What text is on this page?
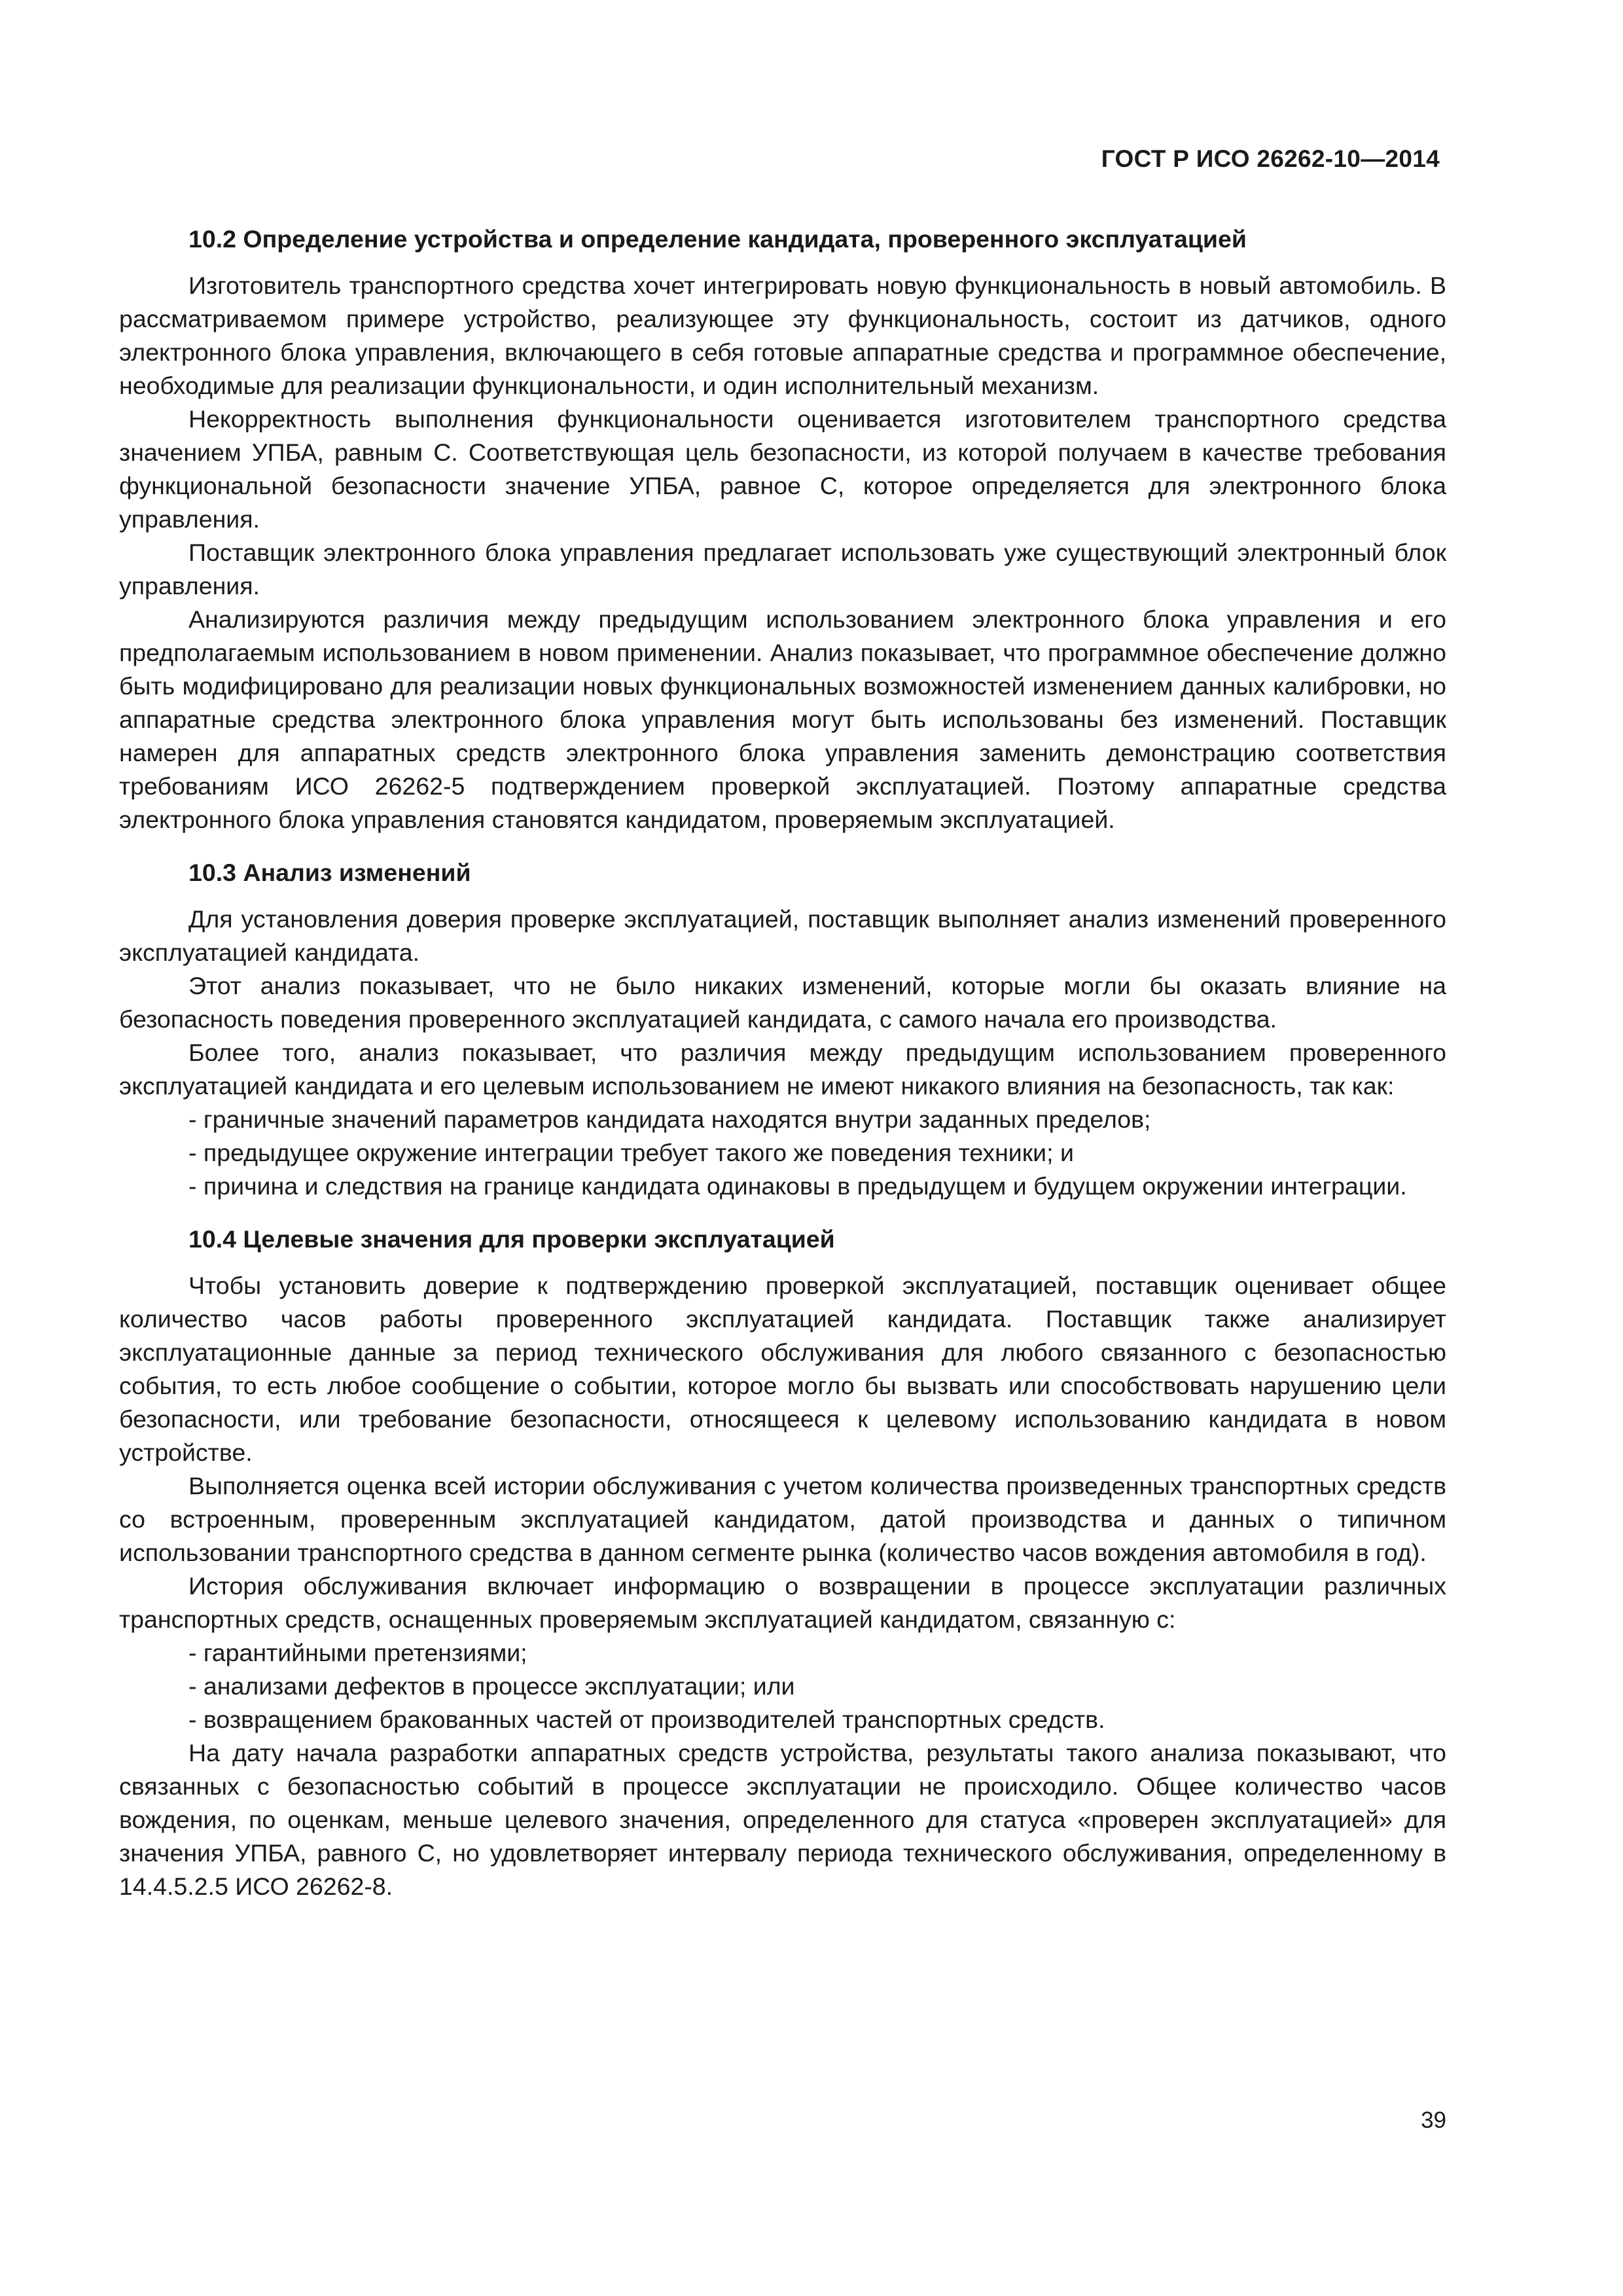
ГОСТ Р ИСО 26262-10—2014
10.2 Определение устройства и определение кандидата, проверенного эксплуатацией

Изготовитель транспортного средства хочет интегрировать новую функциональность в новый автомобиль. В рассматриваемом примере устройство, реализующее эту функциональность, состоит из датчиков, одного электронного блока управления, включающего в себя готовые аппаратные средства и программное обеспечение, необходимые для реализации функциональности, и один исполнительный механизм.

Некорректность выполнения функциональности оценивается изготовителем транспортного средства значением УПБА, равным С. Соответствующая цель безопасности, из которой получаем в качестве требования функциональной безопасности значение УПБА, равное С, которое определяется для электронного блока управления.

Поставщик электронного блока управления предлагает использовать уже существующий электронный блок управления.

Анализируются различия между предыдущим использованием электронного блока управления и его предполагаемым использованием в новом применении. Анализ показывает, что программное обеспечение должно быть модифицировано для реализации новых функциональных возможностей изменением данных калибровки, но аппаратные средства электронного блока управления могут быть использованы без изменений. Поставщик намерен для аппаратных средств электронного блока управления заменить демонстрацию соответствия требованиям ИСО 26262-5 подтверждением проверкой эксплуатацией. Поэтому аппаратные средства электронного блока управления становятся кандидатом, проверяемым эксплуатацией.

10.3 Анализ изменений

Для установления доверия проверке эксплуатацией, поставщик выполняет анализ изменений проверенного эксплуатацией кандидата.

Этот анализ показывает, что не было никаких изменений, которые могли бы оказать влияние на безопасность поведения проверенного эксплуатацией кандидата, с самого начала его производства.

Более того, анализ показывает, что различия между предыдущим использованием проверенного эксплуатацией кандидата и его целевым использованием не имеют никакого влияния на безопасность, так как:

- граничные значений параметров кандидата находятся внутри заданных пределов;

- предыдущее окружение интеграции требует такого же поведения техники; и

- причина и следствия на границе кандидата одинаковы в предыдущем и будущем окружении интеграции.

10.4 Целевые значения для проверки эксплуатацией

Чтобы установить доверие к подтверждению проверкой эксплуатацией, поставщик оценивает общее количество часов работы проверенного эксплуатацией кандидата. Поставщик также анализирует эксплуатационные данные за период технического обслуживания для любого связанного с безопасностью события, то есть любое сообщение о событии, которое могло бы вызвать или способствовать нарушению цели безопасности, или требование безопасности, относящееся к целевому использованию кандидата в новом устройстве.

Выполняется оценка всей истории обслуживания с учетом количества произведенных транспортных средств со встроенным, проверенным эксплуатацией кандидатом, датой производства и данных о типичном использовании транспортного средства в данном сегменте рынка (количество часов вождения автомобиля в год).

История обслуживания включает информацию о возвращении в процессе эксплуатации различных транспортных средств, оснащенных проверяемым эксплуатацией кандидатом, связанную с:

- гарантийными претензиями;

- анализами дефектов в процессе эксплуатации; или

- возвращением бракованных частей от производителей транспортных средств.

На дату начала разработки аппаратных средств устройства, результаты такого анализа показывают, что связанных с безопасностью событий в процессе эксплуатации не происходило. Общее количество часов вождения, по оценкам, меньше целевого значения, определенного для статуса «проверен эксплуатацией» для значения УПБА, равного С, но удовлетворяет интервалу периода технического обслуживания, определенному в 14.4.5.2.5 ИСО 26262-8.

39
